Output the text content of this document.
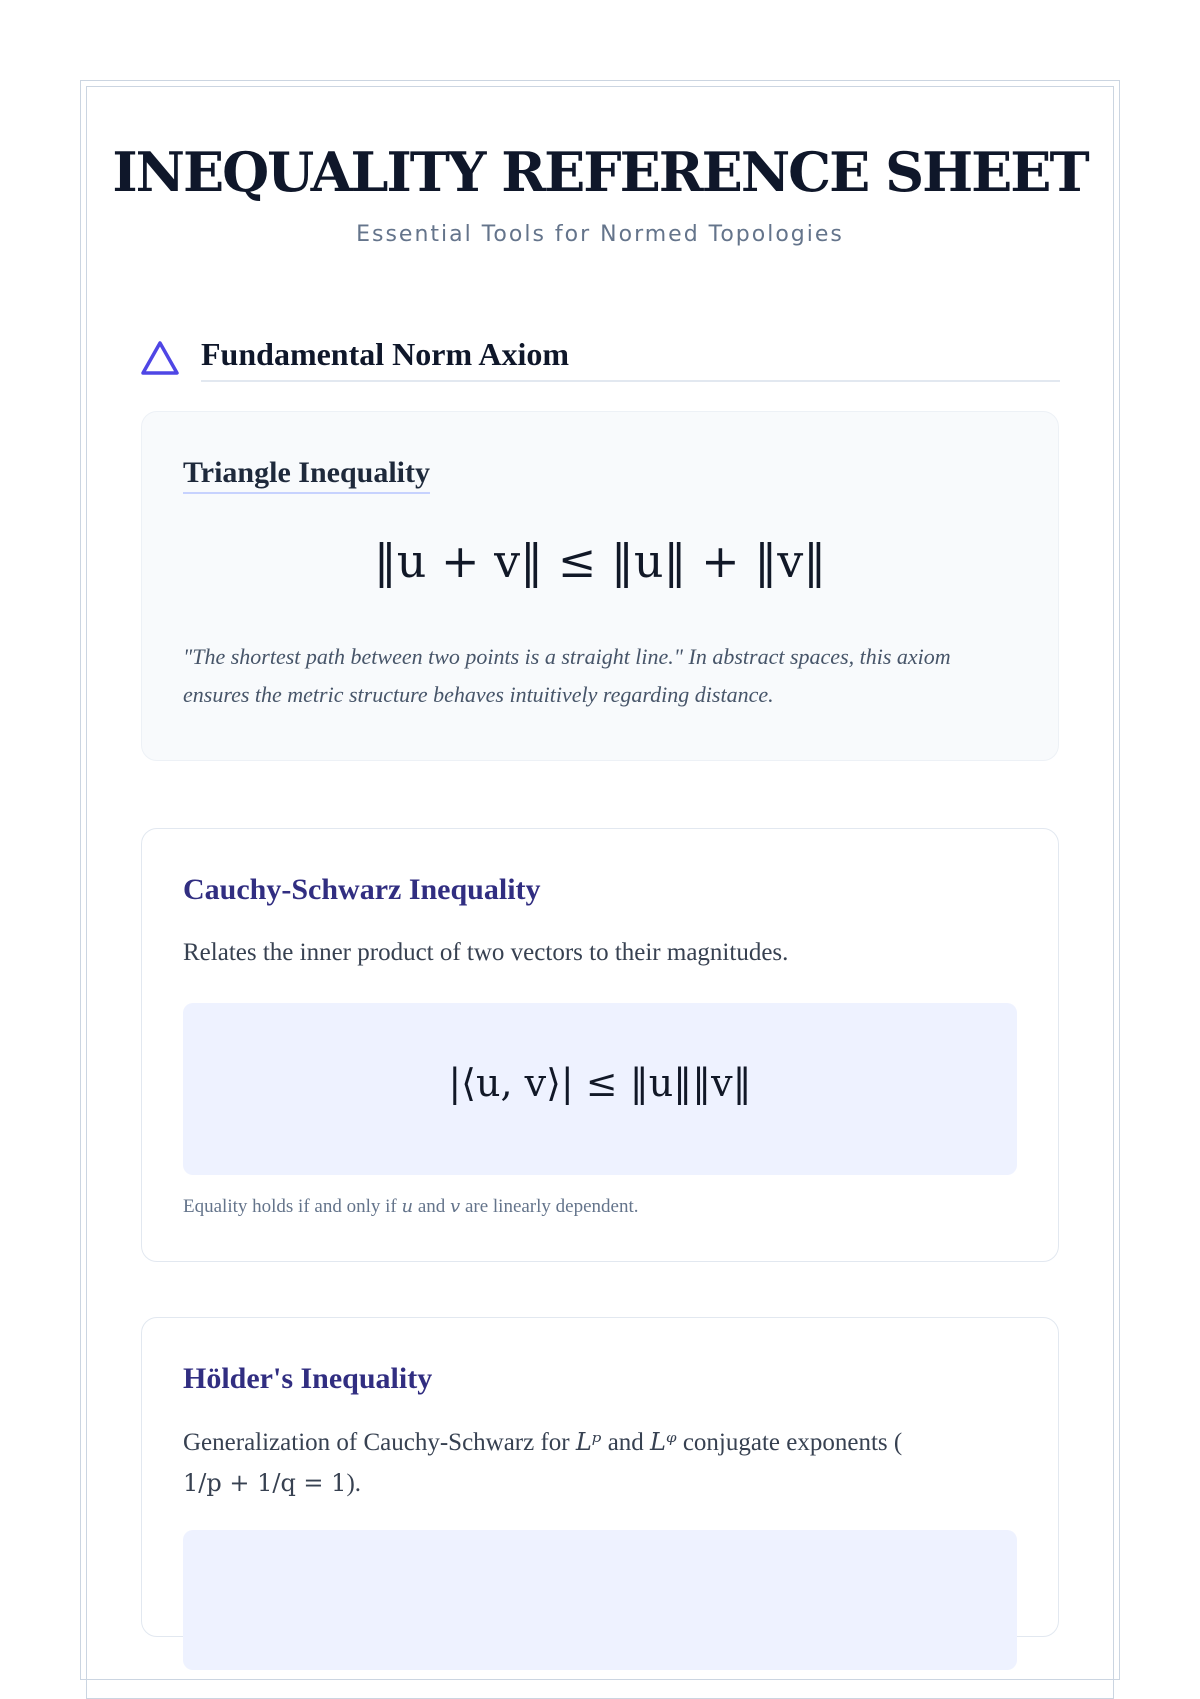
INEQUALITY REFERENCE SHEET
Essential Tools for Normed Topologies
Fundamental Norm Axiom
Triangle Inequality
‖u + v‖ ≤ ‖u‖ + ‖v‖
"The shortest path between two points is a straight line." In abstract spaces, this axiom ensures the metric structure behaves intuitively regarding distance.
Cauchy-Schwarz Inequality
Relates the inner product of two vectors to their magnitudes.
|⟨u, v⟩| ≤ ‖u‖‖v‖
Equality holds if and only if u and v are linearly dependent.
Hölder's Inequality
Generalization of Cauchy-Schwarz for Lᵖ and Lᵠ conjugate exponents (
1/p + 1/q = 1).
